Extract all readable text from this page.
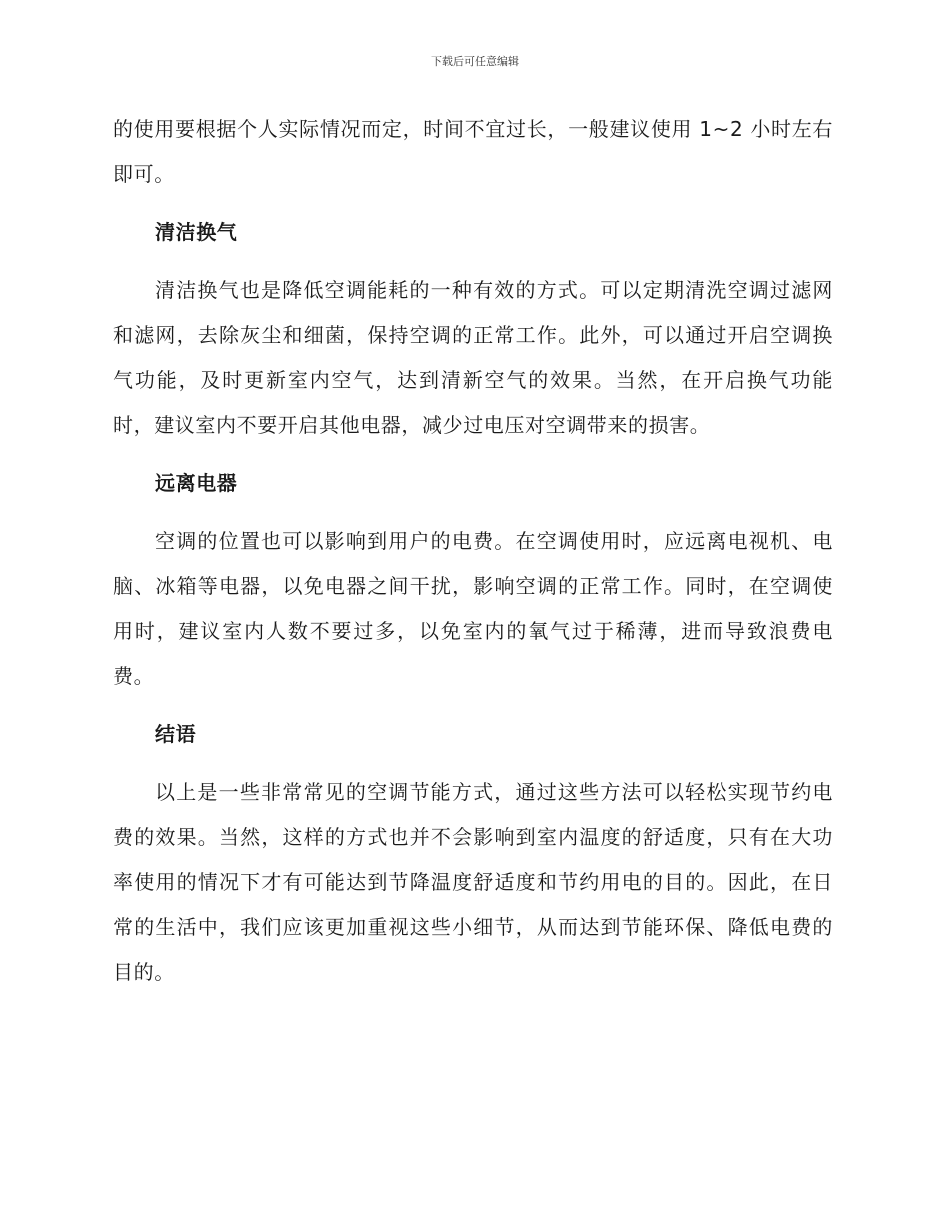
下载后可任意编辑

的使用要根据个人实际情况而定，时间不宜过长，一般建议使用 1~2 小时左右即可。

清洁换气

清洁换气也是降低空调能耗的一种有效的方式。可以定期清洗空调过滤网和滤网，去除灰尘和细菌，保持空调的正常工作。此外，可以通过开启空调换气功能，及时更新室内空气，达到清新空气的效果。当然，在开启换气功能时，建议室内不要开启其他电器，减少过电压对空调带来的损害。

远离电器

空调的位置也可以影响到用户的电费。在空调使用时，应远离电视机、电脑、冰箱等电器，以免电器之间干扰，影响空调的正常工作。同时，在空调使用时，建议室内人数不要过多，以免室内的氧气过于稀薄，进而导致浪费电费。

结语

以上是一些非常常见的空调节能方式，通过这些方法可以轻松实现节约电费的效果。当然，这样的方式也并不会影响到室内温度的舒适度，只有在大功率使用的情况下才有可能达到节降温度舒适度和节约用电的目的。因此，在日常的生活中，我们应该更加重视这些小细节，从而达到节能环保、降低电费的目的。
